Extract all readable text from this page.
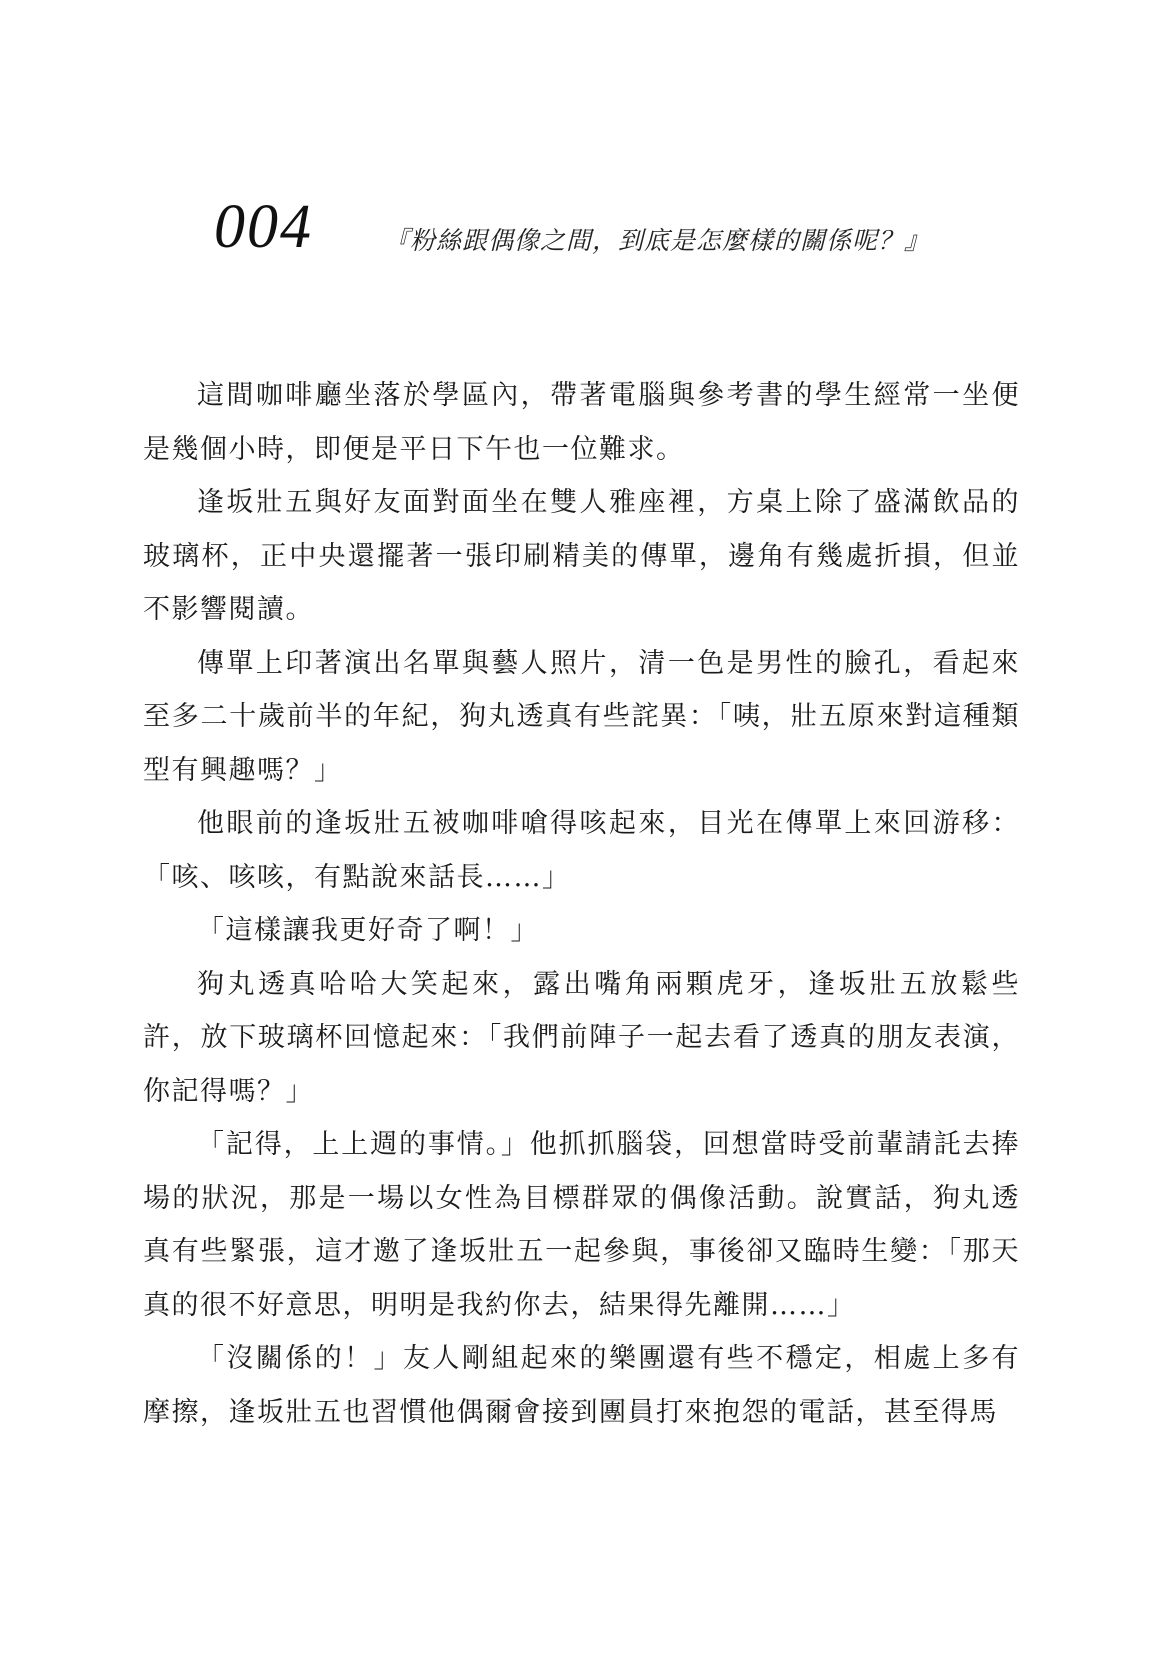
004	『粉絲跟偶像之間，到底是怎麼樣的關係呢？』

這間咖啡廳坐落於學區內，帶著電腦與參考書的學生經常一坐便是幾個小時，即便是平日下午也一位難求。

逢坂壯五與好友面對面坐在雙人雅座裡，方桌上除了盛滿飲品的玻璃杯，正中央還擺著一張印刷精美的傳單，邊角有幾處折損，但並不影響閱讀。

傳單上印著演出名單與藝人照片，清一色是男性的臉孔，看起來至多二十歲前半的年紀，狗丸透真有些詫異：「咦，壯五原來對這種類型有興趣嗎？」

他眼前的逢坂壯五被咖啡嗆得咳起來，目光在傳單上來回游移：「咳、咳咳，有點說來話長……」

「這樣讓我更好奇了啊！」

狗丸透真哈哈大笑起來，露出嘴角兩顆虎牙，逢坂壯五放鬆些許，放下玻璃杯回憶起來：「我們前陣子一起去看了透真的朋友表演，你記得嗎？」

「記得，上上週的事情。」他抓抓腦袋，回想當時受前輩請託去捧場的狀況，那是一場以女性為目標群眾的偶像活動。說實話，狗丸透真有些緊張，這才邀了逢坂壯五一起參與，事後卻又臨時生變：「那天真的很不好意思，明明是我約你去，結果得先離開……」

「沒關係的！」友人剛組起來的樂團還有些不穩定，相處上多有摩擦，逢坂壯五也習慣他偶爾會接到團員打來抱怨的電話，甚至得馬
